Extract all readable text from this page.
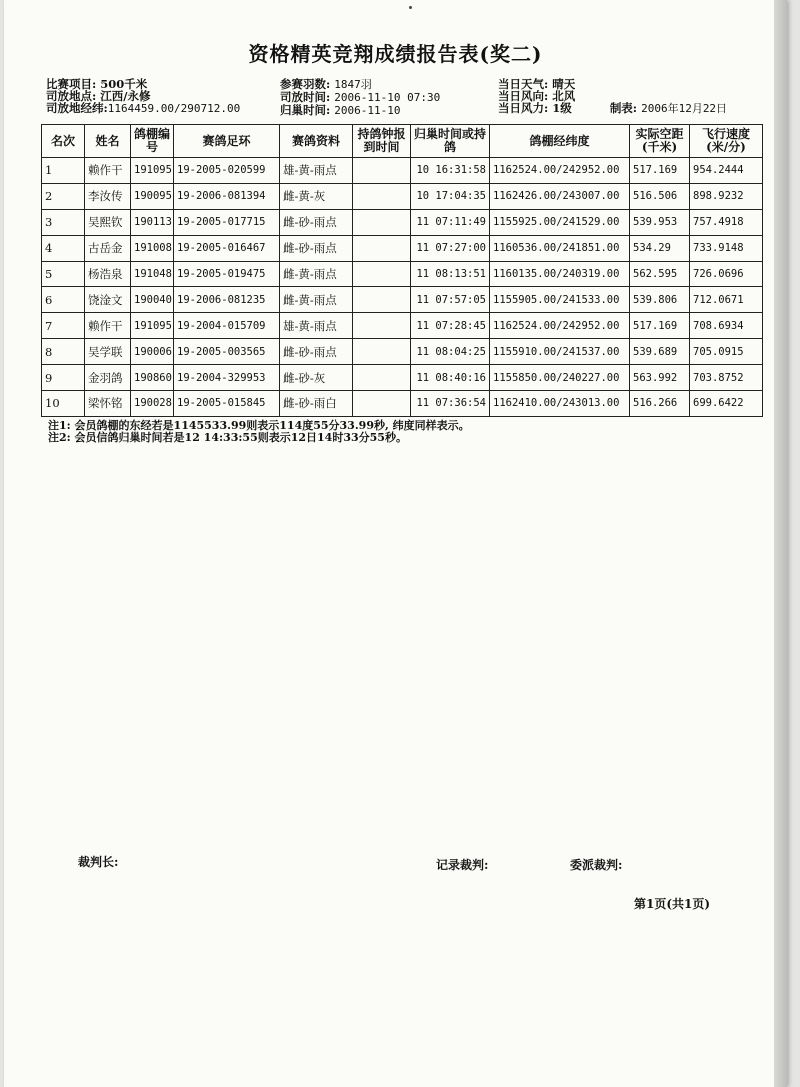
资格精英竞翔成绩报告表(奖二)
比赛项目: 500千米
司放地点: 江西/永修
司放地经纬:1164459.00/290712.00
参赛羽数: 1847羽
司放时间: 2006-11-10 07:30
归巢时间: 2006-11-10
当日天气: 晴天
当日风向: 北风
当日风力: 1级	制表: 2006年12月22日
名次	姓名	鸽棚编号	赛鸽足环	赛鸽资料	持鸽钟报到时间	归巢时间或持鸽	鸽棚经纬度	实际空距(千米)	飞行速度(米/分)
1	赖作干	191095	19-2005-020599	雄-黄-雨点		10 16:31:58	1162524.00/242952.00	517.169	954.2444
2	李汝传	190095	19-2006-081394	雌-黄-灰		10 17:04:35	1162426.00/243007.00	516.506	898.9232
3	吴熙钦	190113	19-2005-017715	雌-砂-雨点		11 07:11:49	1155925.00/241529.00	539.953	757.4918
4	古岳金	191008	19-2005-016467	雌-砂-雨点		11 07:27:00	1160536.00/241851.00	534.29	733.9148
5	杨浩泉	191048	19-2005-019475	雌-黄-雨点		11 08:13:51	1160135.00/240319.00	562.595	726.0696
6	饶淦文	190040	19-2006-081235	雌-黄-雨点		11 07:57:05	1155905.00/241533.00	539.806	712.0671
7	赖作干	191095	19-2004-015709	雄-黄-雨点		11 07:28:45	1162524.00/242952.00	517.169	708.6934
8	吴学联	190006	19-2005-003565	雌-砂-雨点		11 08:04:25	1155910.00/241537.00	539.689	705.0915
9	金羽鸽	190860	19-2004-329953	雌-砂-灰		11 08:40:16	1155850.00/240227.00	563.992	703.8752
10	梁怀铭	190028	19-2005-015845	雌-砂-雨白		11 07:36:54	1162410.00/243013.00	516.266	699.6422
注1: 会员鸽棚的东经若是1145533.99则表示114度55分33.99秒, 纬度同样表示。
注2: 会员信鸽归巢时间若是12 14:33:55则表示12日14时33分55秒。
裁判长:	记录裁判:	委派裁判:
第1页(共1页)
